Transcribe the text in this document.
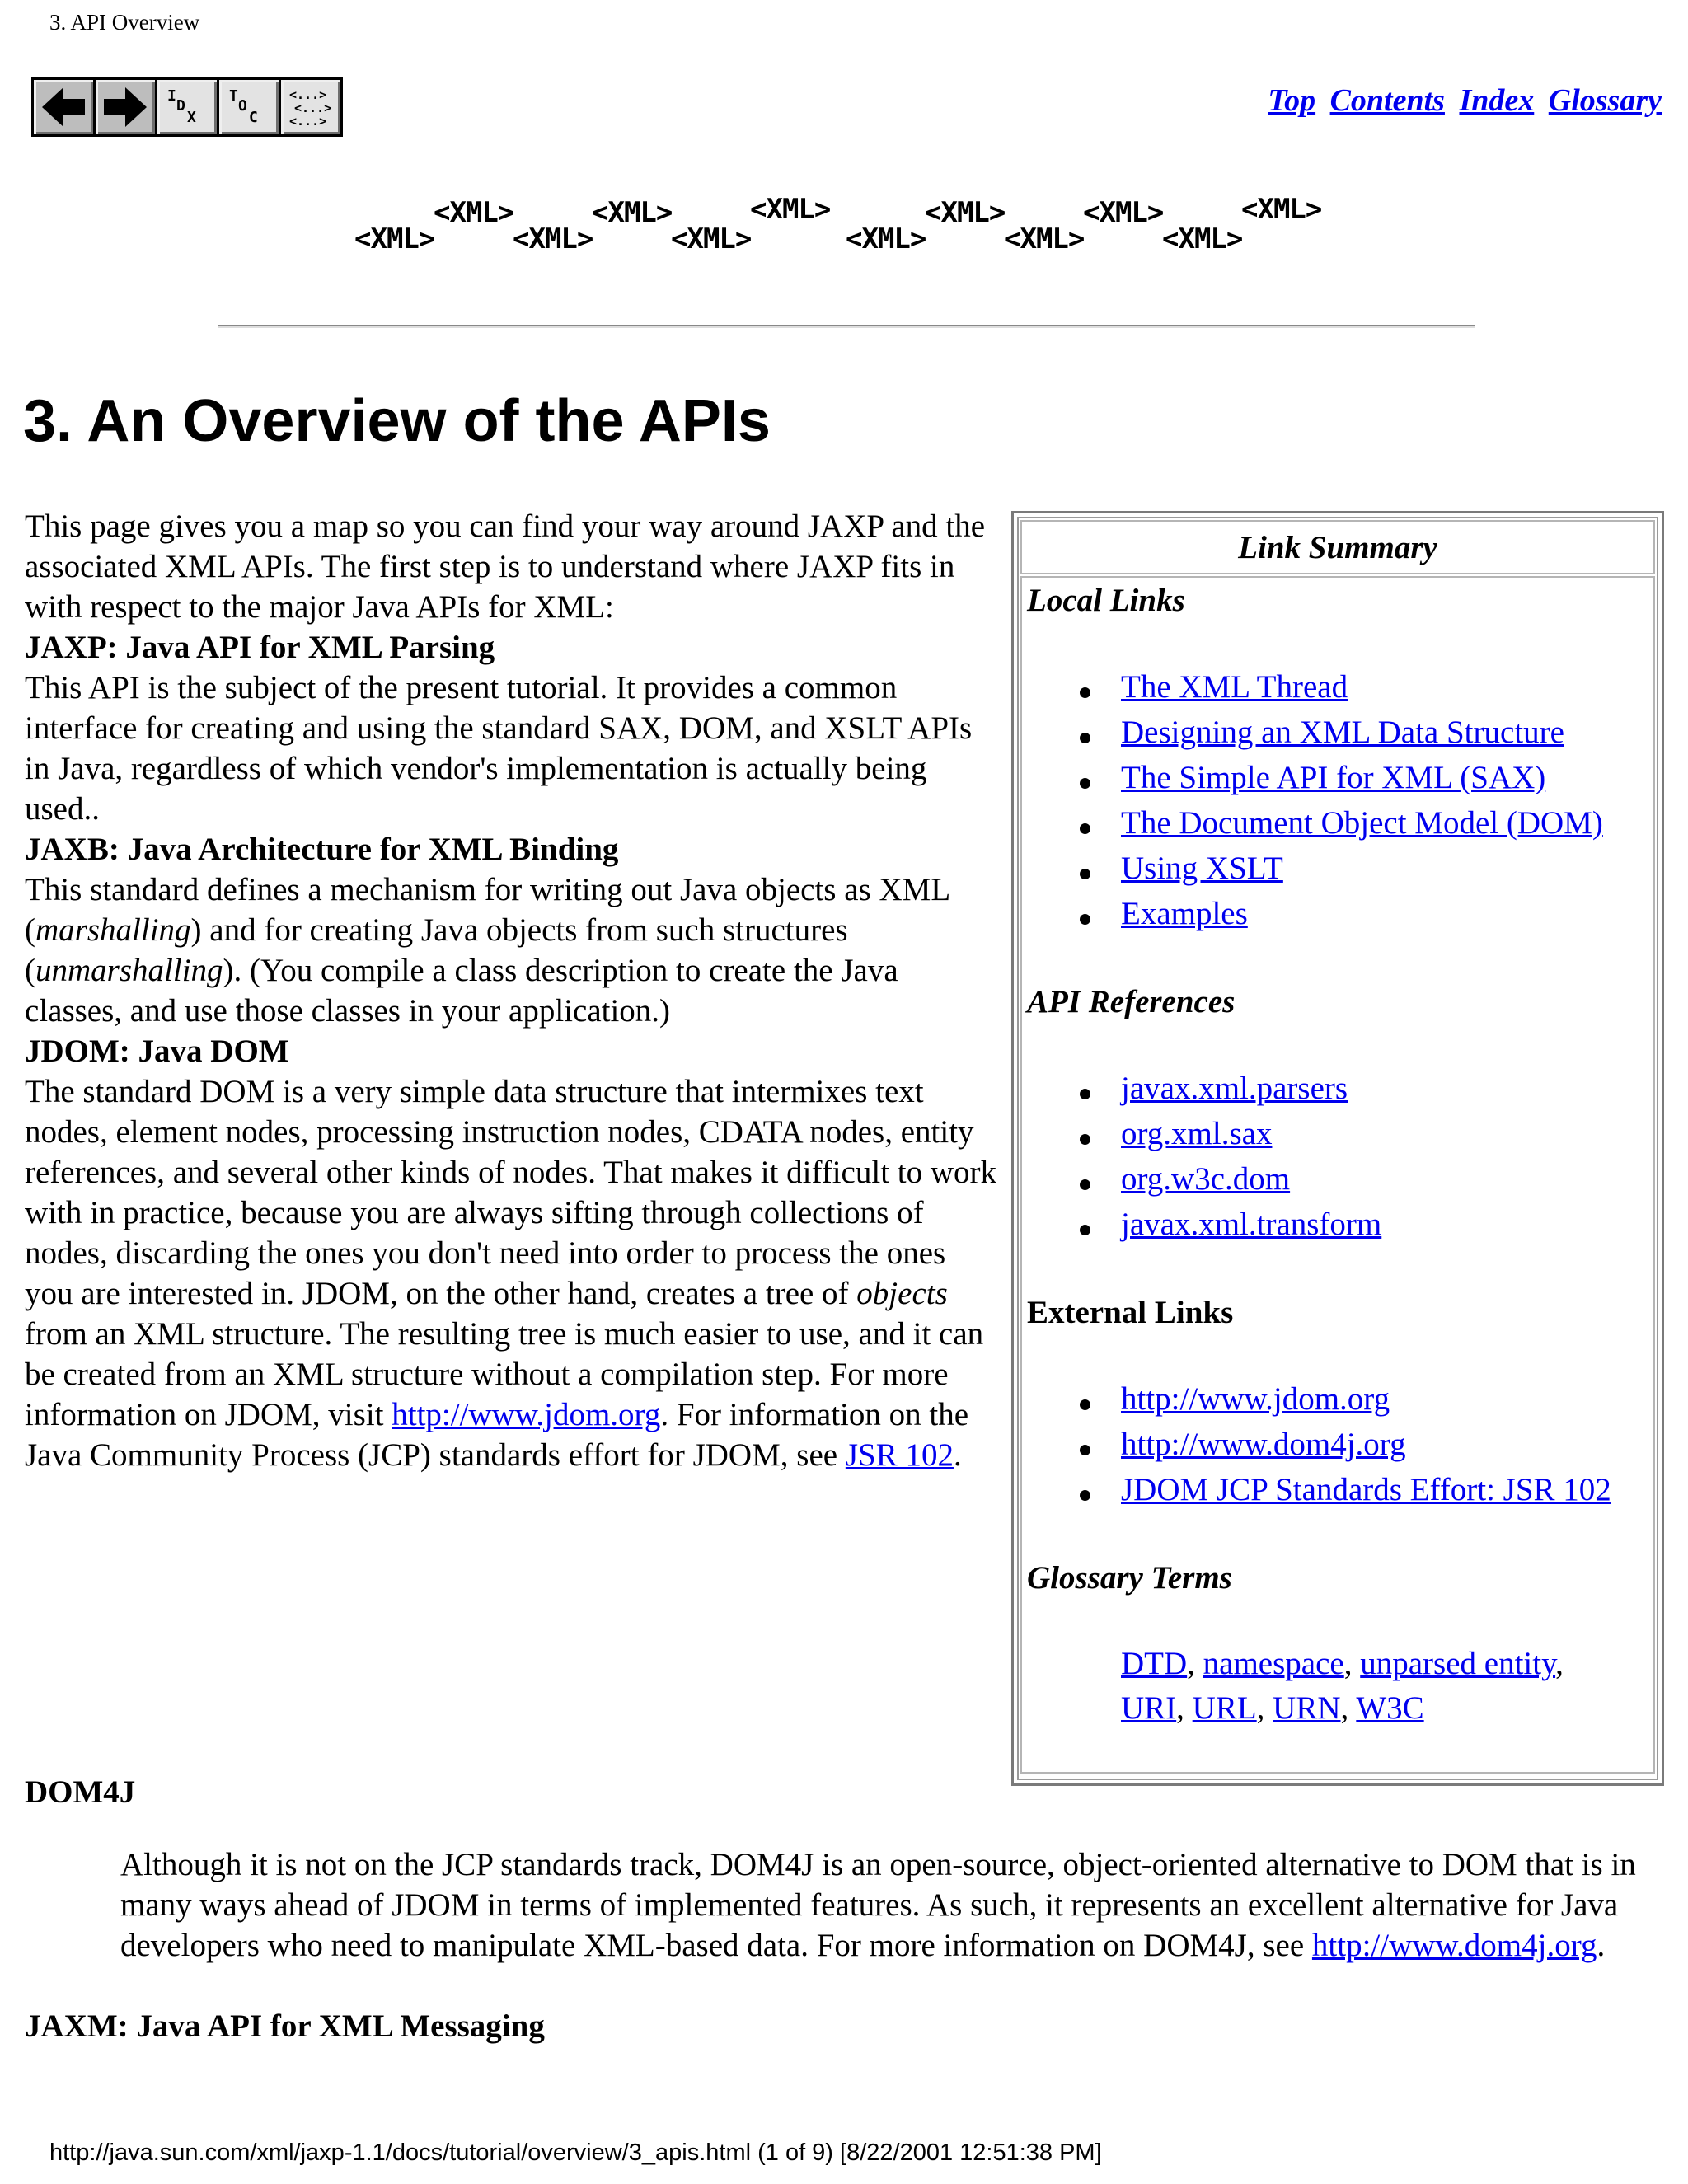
3. API Overview
I
D
X
T
O
C
<...>
<...>
<...>
Top Contents Index Glossary
<XML>
<XML>
<XML>
<XML>
<XML>
<XML>
<XML>
<XML>
<XML>
<XML>
<XML>
<XML>
3. An Overview of the APIs

This page gives you a map so you can find your way around JAXP and the associated XML APIs. The first step is to understand where JAXP fits in with respect to the major Java APIs for XML:

JAXP: Java API for XML Parsing

This API is the subject of the present tutorial. It provides a common interface for creating and using the standard SAX, DOM, and XSLT APIs in Java, regardless of which vendor's implementation is actually being used..

JAXB: Java Architecture for XML Binding

This standard defines a mechanism for writing out Java objects as XML (marshalling) and for creating Java objects from such structures (unmarshalling). (You compile a class description to create the Java classes, and use those classes in your application.)

JDOM: Java DOM

The standard DOM is a very simple data structure that intermixes text nodes, element nodes, processing instruction nodes, CDATA nodes, entity references, and several other kinds of nodes. That makes it difficult to work with in practice, because you are always sifting through collections of nodes, discarding the ones you don't need into order to process the ones you are interested in. JDOM, on the other hand, creates a tree of objects from an XML structure. The resulting tree is much easier to use, and it can be created from an XML structure without a compilation step. For more information on JDOM, visit http://www.jdom.org. For information on the Java Community Process (JCP) standards effort for JDOM, see JSR 102.

DOM4J

Although it is not on the JCP standards track, DOM4J is an open-source, object-oriented alternative to DOM that is in many ways ahead of JDOM in terms of implemented features. As such, it represents an excellent alternative for Java developers who need to manipulate XML-based data. For more information on DOM4J, see http://www.dom4j.org.

JAXM: Java API for XML Messaging

Link Summary

Local Links

The XML Thread
Designing an XML Data Structure
The Simple API for XML (SAX)
The Document Object Model (DOM)
Using XSLT
Examples

API References

javax.xml.parsers
org.xml.sax
org.w3c.dom
javax.xml.transform

External Links

http://www.jdom.org
http://www.dom4j.org
JDOM JCP Standards Effort: JSR 102

Glossary Terms

DTD, namespace, unparsed entity,
URI, URL, URN, W3C
http://java.sun.com/xml/jaxp-1.1/docs/tutorial/overview/3_apis.html (1 of 9) [8/22/2001 12:51:38 PM]
